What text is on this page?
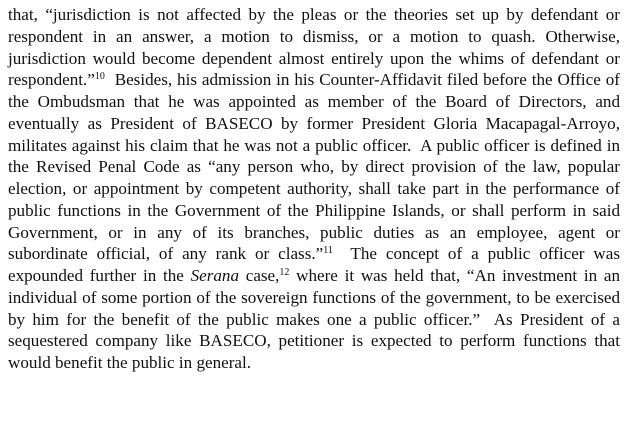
that, “jurisdiction is not affected by the pleas or the theories set up by defendant or respondent in an answer, a motion to dismiss, or a motion to quash. Otherwise, jurisdiction would become dependent almost entirely upon the whims of defendant or respondent.”$^{10}$  Besides, his admission in his Counter-Affidavit filed before the Office of the Ombudsman that he was appointed as member of the Board of Directors, and eventually as President of BASECO by former President Gloria Macapagal-Arroyo, militates against his claim that he was not a public officer.  A public officer is defined in the Revised Penal Code as “any person who, by direct provision of the law, popular election, or appointment by competent authority, shall take part in the performance of public functions in the Government of the Philippine Islands, or shall perform in said Government, or in any of its branches, public duties as an employee, agent or subordinate official, of any rank or class.”$^{11}$  The concept of a public officer was expounded further in the Serana case,$^{12}$ where it was held that, “An investment in an individual of some portion of the sovereign functions of the government, to be exercised by him for the benefit of the public makes one a public officer.”  As President of a sequestered company like BASECO, petitioner is expected to perform functions that would benefit the public in general.
